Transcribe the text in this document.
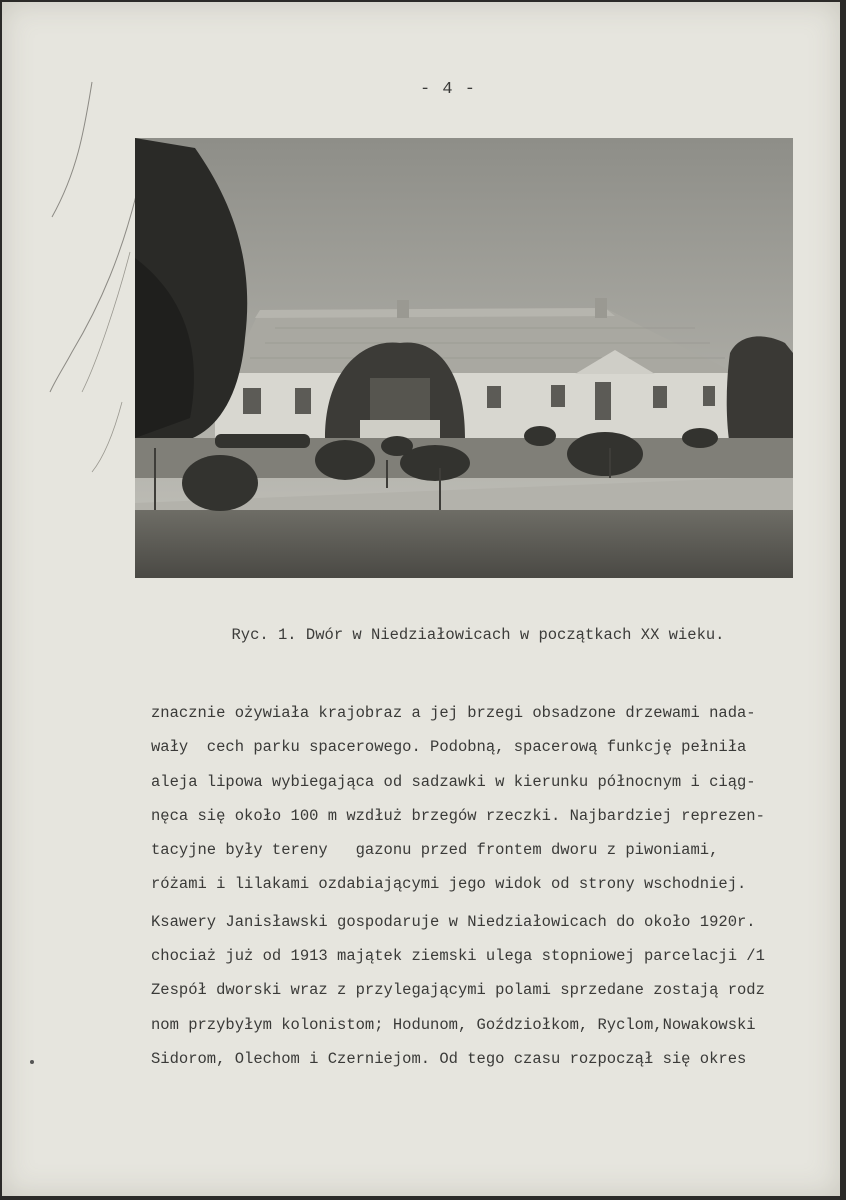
- 4 -
Ryc. 1. Dwór w Niedziałowicach w początkach XX wieku.
znacznie ożywiała krajobraz a jej brzegi obsadzone drzewami nada-
wały  cech parku spacerowego. Podobną, spacerową funkcję pełniła
aleja lipowa wybiegająca od sadzawki w kierunku północnym i ciąg-
nęca się około 100 m wzdłuż brzegów rzeczki. Najbardziej reprezen-
tacyjne były tereny   gazonu przed frontem dworu z piwoniami,
różami i lilakami ozdabiającymi jego widok od strony wschodniej.
Ksawery Janisławski gospodaruje w Niedziałowicach do około 1920r.
chociaż już od 1913 majątek ziemski ulega stopniowej parcelacji /1
Zespół dworski wraz z przylegającymi polami sprzedane zostają rodz
nom przybyłym kolonistom; Hodunom, Goździołkom, Ryclom,Nowakowski
Sidorom, Olechom i Czerniejom. Od tego czasu rozpoczął się okres
